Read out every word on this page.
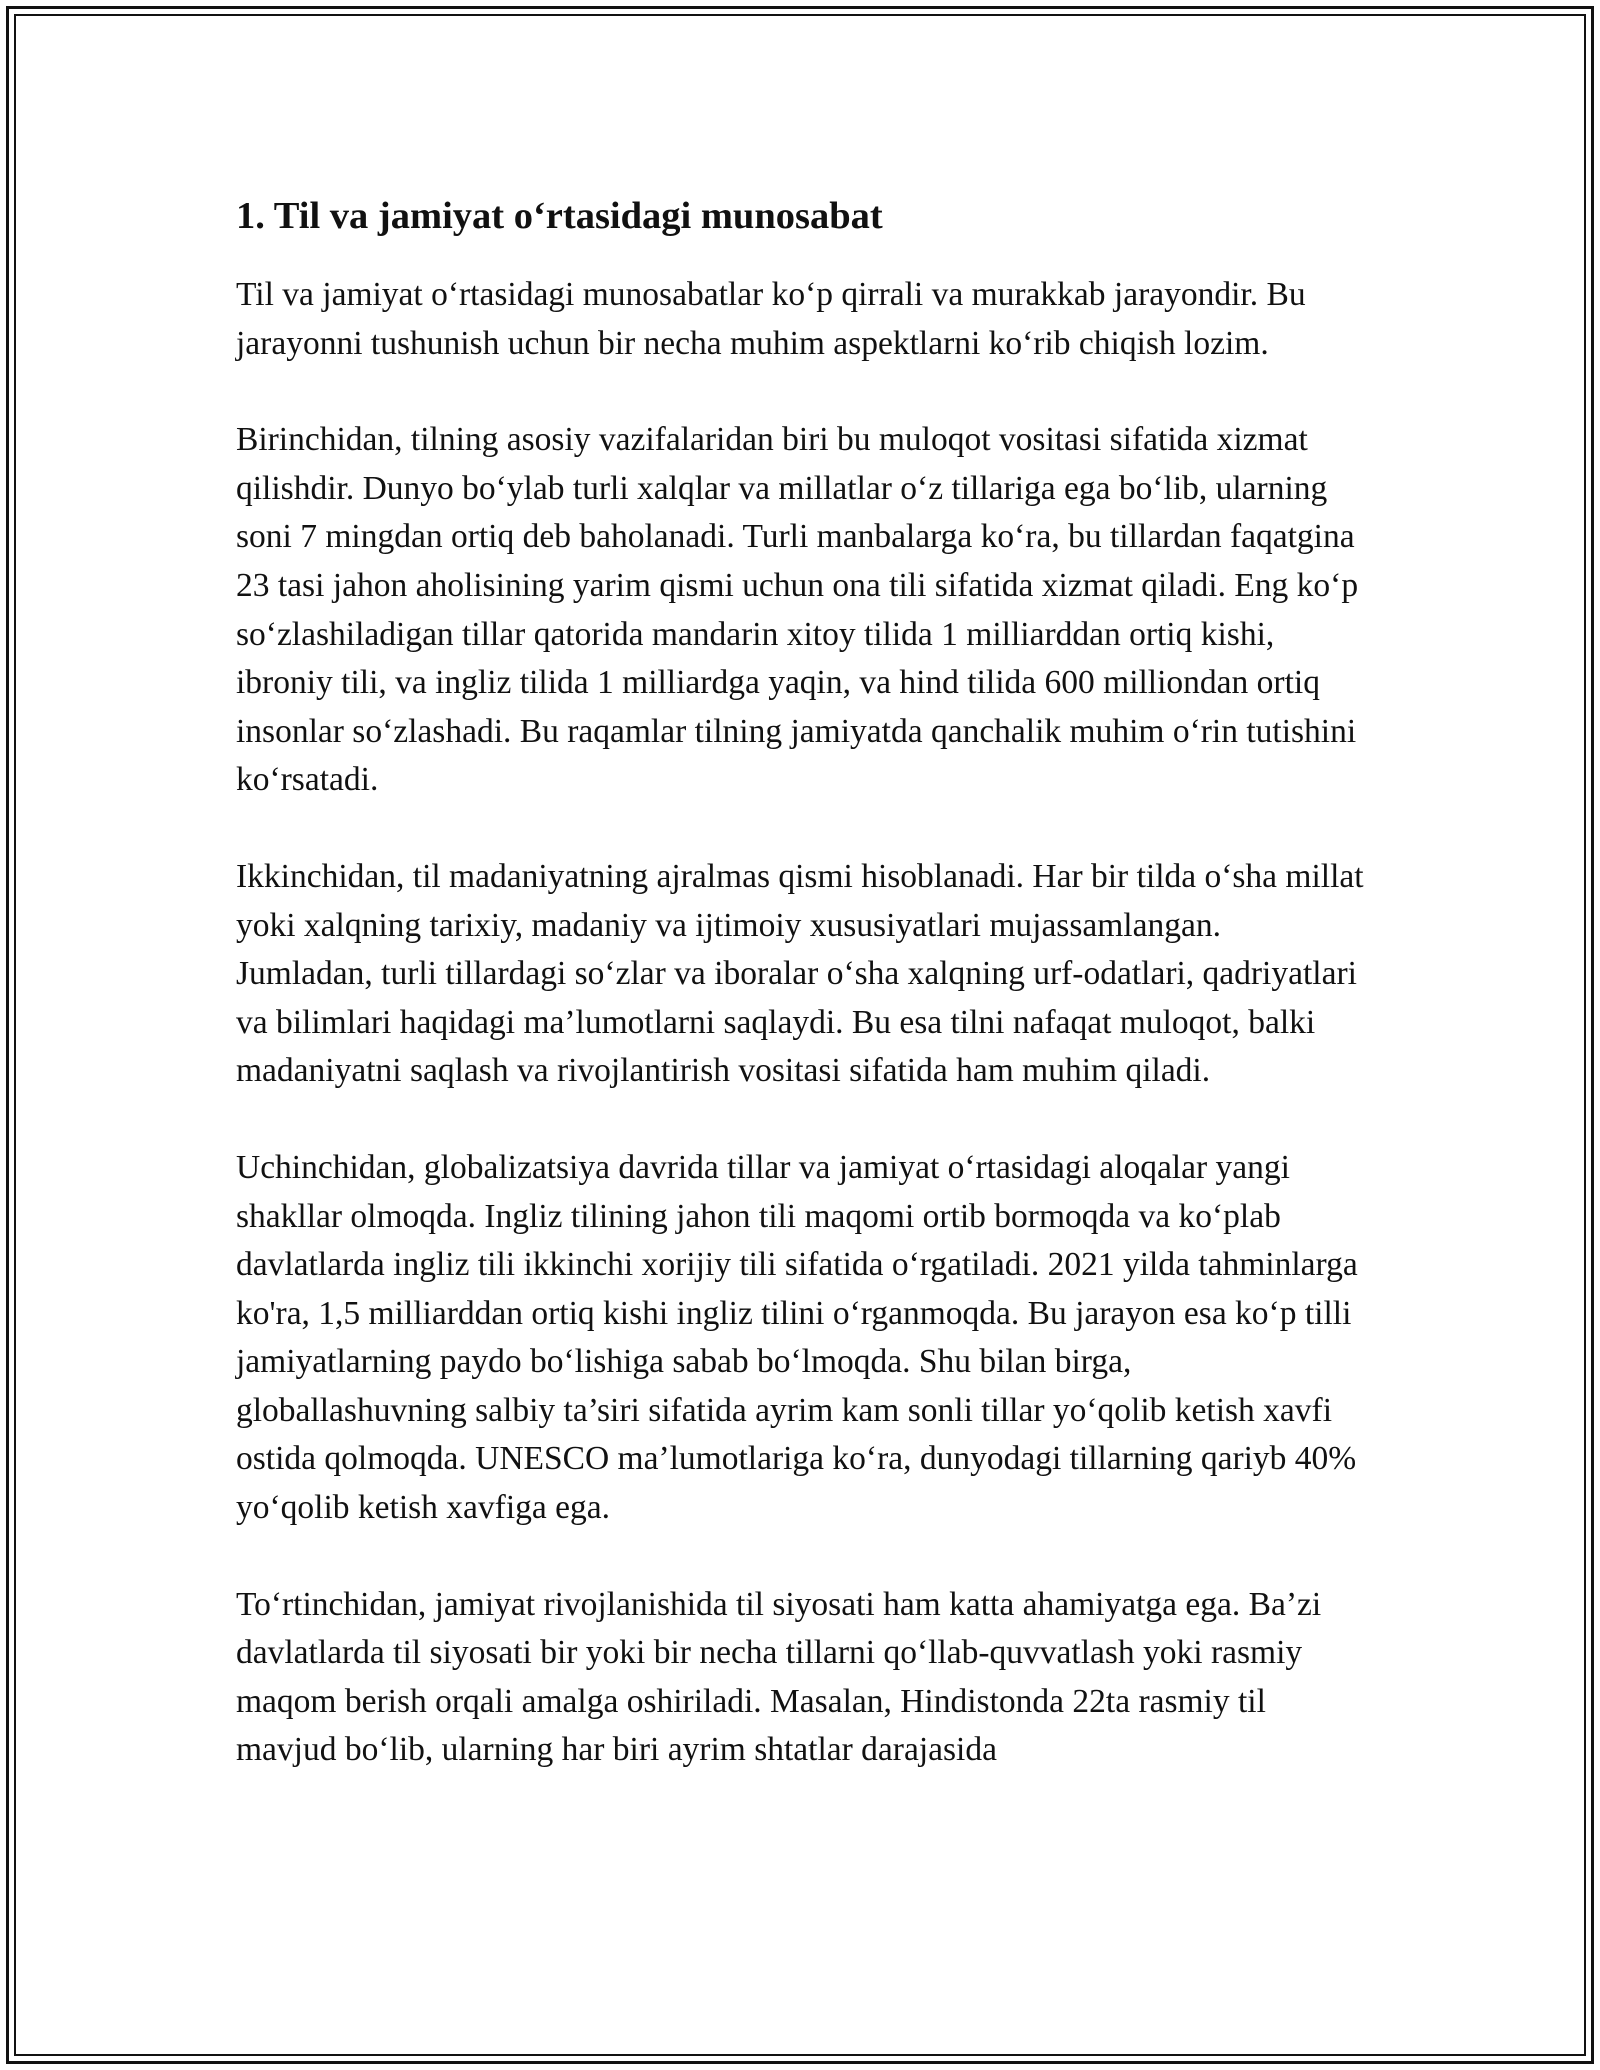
1. Til va jamiyat o‘rtasidagi munosabat

Til va jamiyat o‘rtasidagi munosabatlar ko‘p qirrali va murakkab jarayondir. Bu jarayonni tushunish uchun bir necha muhim aspektlarni ko‘rib chiqish lozim.

Birinchidan, tilning asosiy vazifalaridan biri bu muloqot vositasi sifatida xizmat qilishdir. Dunyo bo‘ylab turli xalqlar va millatlar o‘z tillariga ega bo‘lib, ularning soni 7 mingdan ortiq deb baholanadi. Turli manbalarga ko‘ra, bu tillardan faqatgina 23 tasi jahon aholisining yarim qismi uchun ona tili sifatida xizmat qiladi. Eng ko‘p so‘zlashiladigan tillar qatorida mandarin xitoy tilida 1 milliarddan ortiq kishi, ibroniy tili, va ingliz tilida 1 milliardga yaqin, va hind tilida 600 milliondan ortiq insonlar so‘zlashadi. Bu raqamlar tilning jamiyatda qanchalik muhim o‘rin tutishini ko‘rsatadi.

Ikkinchidan, til madaniyatning ajralmas qismi hisoblanadi. Har bir tilda o‘sha millat yoki xalqning tarixiy, madaniy va ijtimoiy xususiyatlari mujassamlangan. Jumladan, turli tillardagi so‘zlar va iboralar o‘sha xalqning urf-odatlari, qadriyatlari va bilimlari haqidagi ma’lumotlarni saqlaydi. Bu esa tilni nafaqat muloqot, balki madaniyatni saqlash va rivojlantirish vositasi sifatida ham muhim qiladi.

Uchinchidan, globalizatsiya davrida tillar va jamiyat o‘rtasidagi aloqalar yangi shakllar olmoqda. Ingliz tilining jahon tili maqomi ortib bormoqda va ko‘plab davlatlarda ingliz tili ikkinchi xorijiy tili sifatida o‘rgatiladi. 2021 yilda tahminlarga ko'ra, 1,5 milliarddan ortiq kishi ingliz tilini o‘rganmoqda. Bu jarayon esa ko‘p tilli jamiyatlarning paydo bo‘lishiga sabab bo‘lmoqda. Shu bilan birga, globallashuvning salbiy ta’siri sifatida ayrim kam sonli tillar yo‘qolib ketish xavfi ostida qolmoqda. UNESCO ma’lumotlariga ko‘ra, dunyodagi tillarning qariyb 40% yo‘qolib ketish xavfiga ega.

To‘rtinchidan, jamiyat rivojlanishida til siyosati ham katta ahamiyatga ega. Ba’zi davlatlarda til siyosati bir yoki bir necha tillarni qo‘llab-quvvatlash yoki rasmiy maqom berish orqali amalga oshiriladi. Masalan, Hindistonda 22ta rasmiy til mavjud bo‘lib, ularning har biri ayrim shtatlar darajasida
